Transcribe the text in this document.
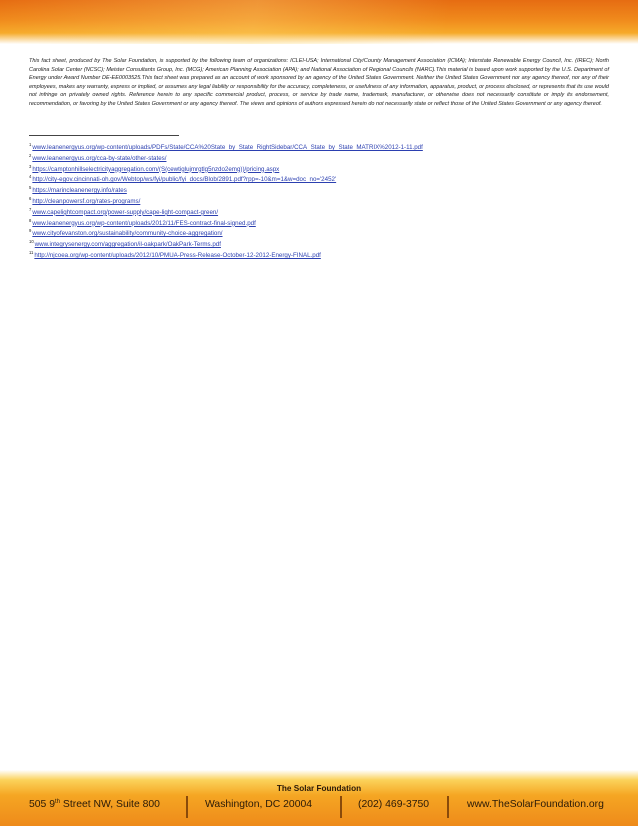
This fact sheet, produced by The Solar Foundation, is supported by the following team of organizations: ICLEI-USA; International City/County Management Association (ICMA); Interstate Renewable Energy Council, Inc. (IREC); North Carolina Solar Center (NCSC); Meister Consultants Group, Inc. (MCG); American Planning Association (APA); and National Association of Regional Councils (NARC).This material is based upon work supported by the U.S. Department of Energy under Award Number DE-EE0003525.This fact sheet was prepared as an account of work sponsored by an agency of the United States Government. Neither the United States Government nor any agency thereof, nor any of their employees, makes any warranty, express or implied, or assumes any legal liability or responsibility for the accuracy, completeness, or usefulness of any information, apparatus, product, or process disclosed, or represents that its use would not infringe on privately owned rights. Reference herein to any specific commercial product, process, or service by trade name, trademark, manufacturer, or otherwise does not necessarily constitute or imply its endorsement, recommendation, or favoring by the United States Government or any agency thereof. The views and opinions of authors expressed herein do not necessarily state or reflect those of the United States Government or any agency thereof.
$^1$www.leanenergyus.org/wp-content/uploads/PDFs/State/CCA%20State_by_State_RightSidebar/CCA_State_by_State_MATRIX%2012-1-11.pdf
$^2$www.leanenergyus.org/cca-by-state/other-states/
$^3$https://camptonhillselectricityaggregation.com/(S(cewtiglujmrgtlg5nzdo2emg))/pricing.aspx
$^4$http://city-egov.cincinnati-oh.gov/Webtop/ws/fyi/public/fyi_docs/Blob/2891.pdf?rpp=-10&m=1&w=doc_no='2452'
$^5$https://marincleanenergy.info/rates
$^6$http://cleanpowersf.org/rates-programs/
$^7$www.capelightcompact.org/power-supply/cape-light-compact-green/
$^8$www.leanenergyus.org/wp-content/uploads/2012/11/FES-contract-final-signed.pdf
$^9$www.cityofevanston.org/sustainability/community-choice-aggregation/
$^{10}$www.integrysenergy.com/aggregation/il-oakpark/OakPark-Terms.pdf
$^{11}$http://njcoea.org/wp-content/uploads/2012/10/PMUA-Press-Release-October-12-2012-Energy-FINAL.pdf
The Solar Foundation
505 9th Street NW, Suite 800	Washington, DC 20004	(202) 469-3750	www.TheSolarFoundation.org
